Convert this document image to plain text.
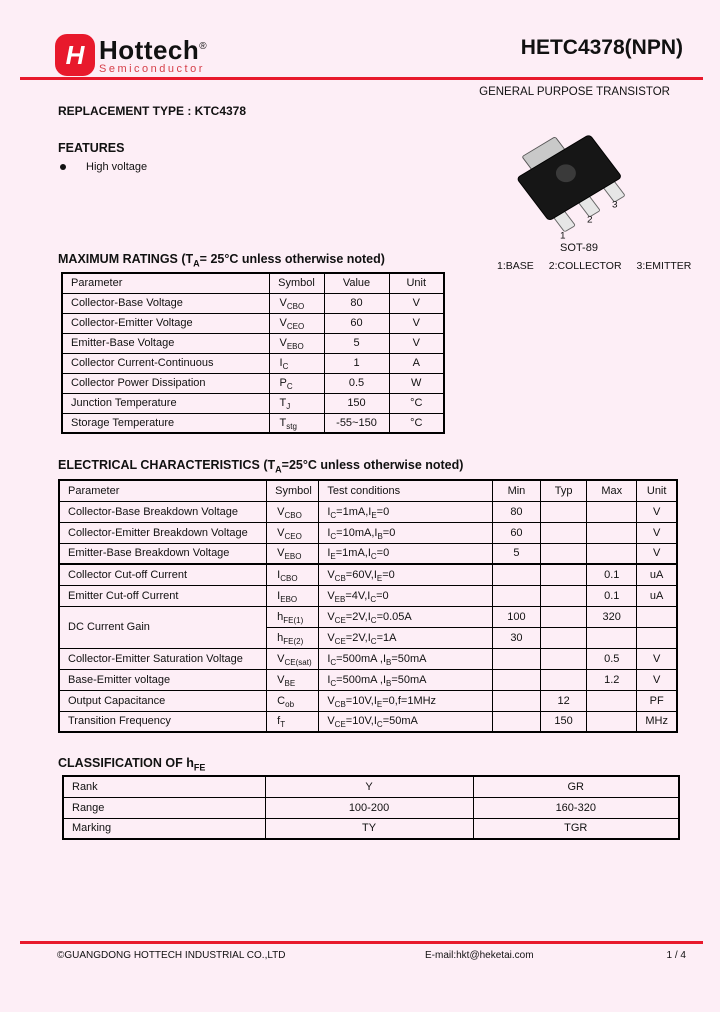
H Hottech®
Semiconductor
HETC4378(NPN)
GENERAL PURPOSE TRANSISTOR
REPLACEMENT TYPE : KTC4378
FEATURES
High voltage
1
2
3
SOT-89
1:BASE 2:COLLECTOR 3:EMITTER
MAXIMUM RATINGS ($T_A= 25^\circ C$ unless otherwise noted)
Parameter	Symbol	Value	Unit
Collector-Base Voltage	$V_{CBO}$	80	V
Collector-Emitter Voltage	$V_{CEO}$	60	V
Emitter-Base Voltage	$V_{EBO}$	5	V
Collector Current-Continuous	$I_C$	1	A
Collector Power Dissipation	$P_C$	0.5	W
Junction Temperature	$T_J$	150	°C
Storage Temperature	$T_{stg}$	-55~150	°C
ELECTRICAL CHARACTERISTICS ($T_A=25^\circ C$ unless otherwise noted)
Parameter	Symbol	Test conditions	Min	Typ	Max	Unit
Collector-Base Breakdown Voltage	$V_{CBO}$	$I_C=1mA,I_E=0$	80			V
Collector-Emitter Breakdown Voltage	$V_{CEO}$	$I_C=10mA,I_B=0$	60			V
Emitter-Base Breakdown Voltage	$V_{EBO}$	$I_E=1mA,I_C=0$	5			V
Collector Cut-off Current	$I_{CBO}$	$V_{CB}=60V,I_E=0$			0.1	uA
Emitter Cut-off Current	$I_{EBO}$	$V_{EB}=4V,I_C=0$			0.1	uA
DC Current Gain	$h_{FE(1)}$	$V_{CE}=2V,I_C=0.05A$	100		320	
	$h_{FE(2)}$	$V_{CE}=2V,I_C=1A$	30			
Collector-Emitter Saturation Voltage	$V_{CE(sat)}$	$I_C=500mA$ $,I_B=50mA$			0.5	V
Base-Emitter voltage	$V_{BE}$	$I_C=500mA$ $,I_B=50mA$			1.2	V
Output Capacitance	$C_{ob}$	$V_{CB}=10V,I_E=0,f=1MHz$		12		PF
Transition Frequency	$f_T$	$V_{CE}=10V,I_C=50mA$		150		MHz
CLASSIFICATION OF $h_{FE}$
Rank	Y	GR
Range	100-200	160-320
Marking	TY	TGR
©GUANGDONG HOTTECH INDUSTRIAL CO.,LTD	E-mail:hkt@heketai.com	1 / 4
